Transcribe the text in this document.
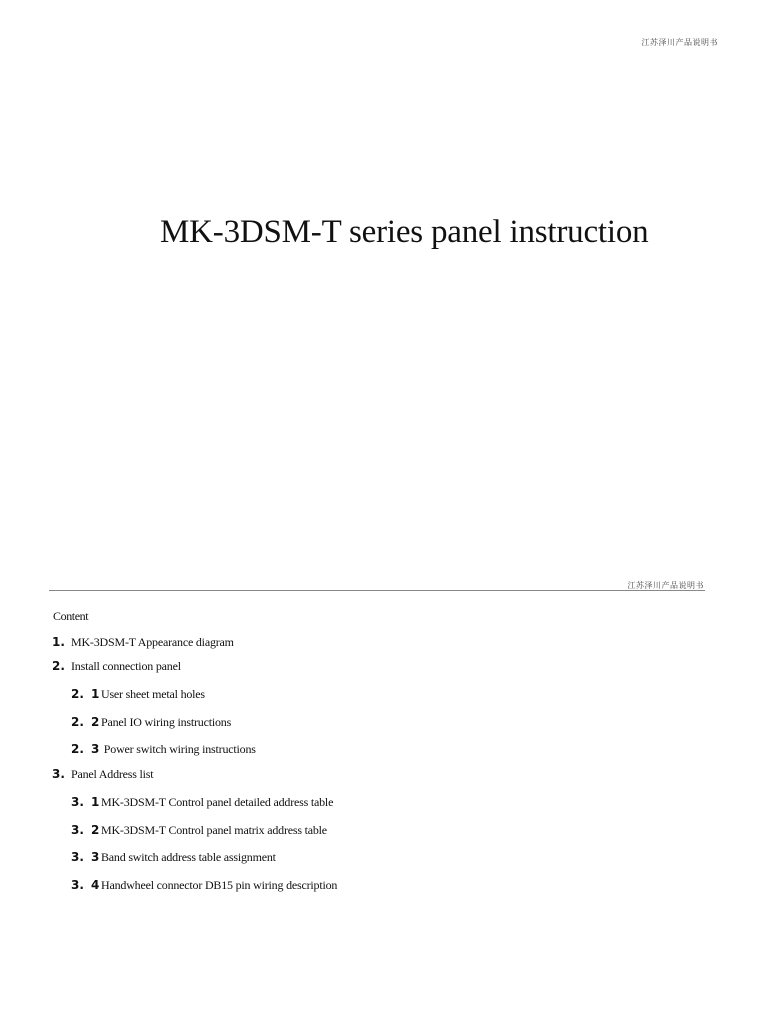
江苏泽川产品说明书
MK-3DSM-T series panel instruction
江苏泽川产品说明书
Content
1. MK-3DSM-T Appearance diagram
2. Install connection panel
2. 1 User sheet metal holes
2. 2 Panel IO wiring instructions
2. 3 Power switch wiring instructions
3. Panel Address list
3. 1 MK-3DSM-T Control panel detailed address table
3. 2 MK-3DSM-T Control panel matrix address table
3. 3 Band switch address table assignment
3. 4 Handwheel connector DB15 pin wiring description
